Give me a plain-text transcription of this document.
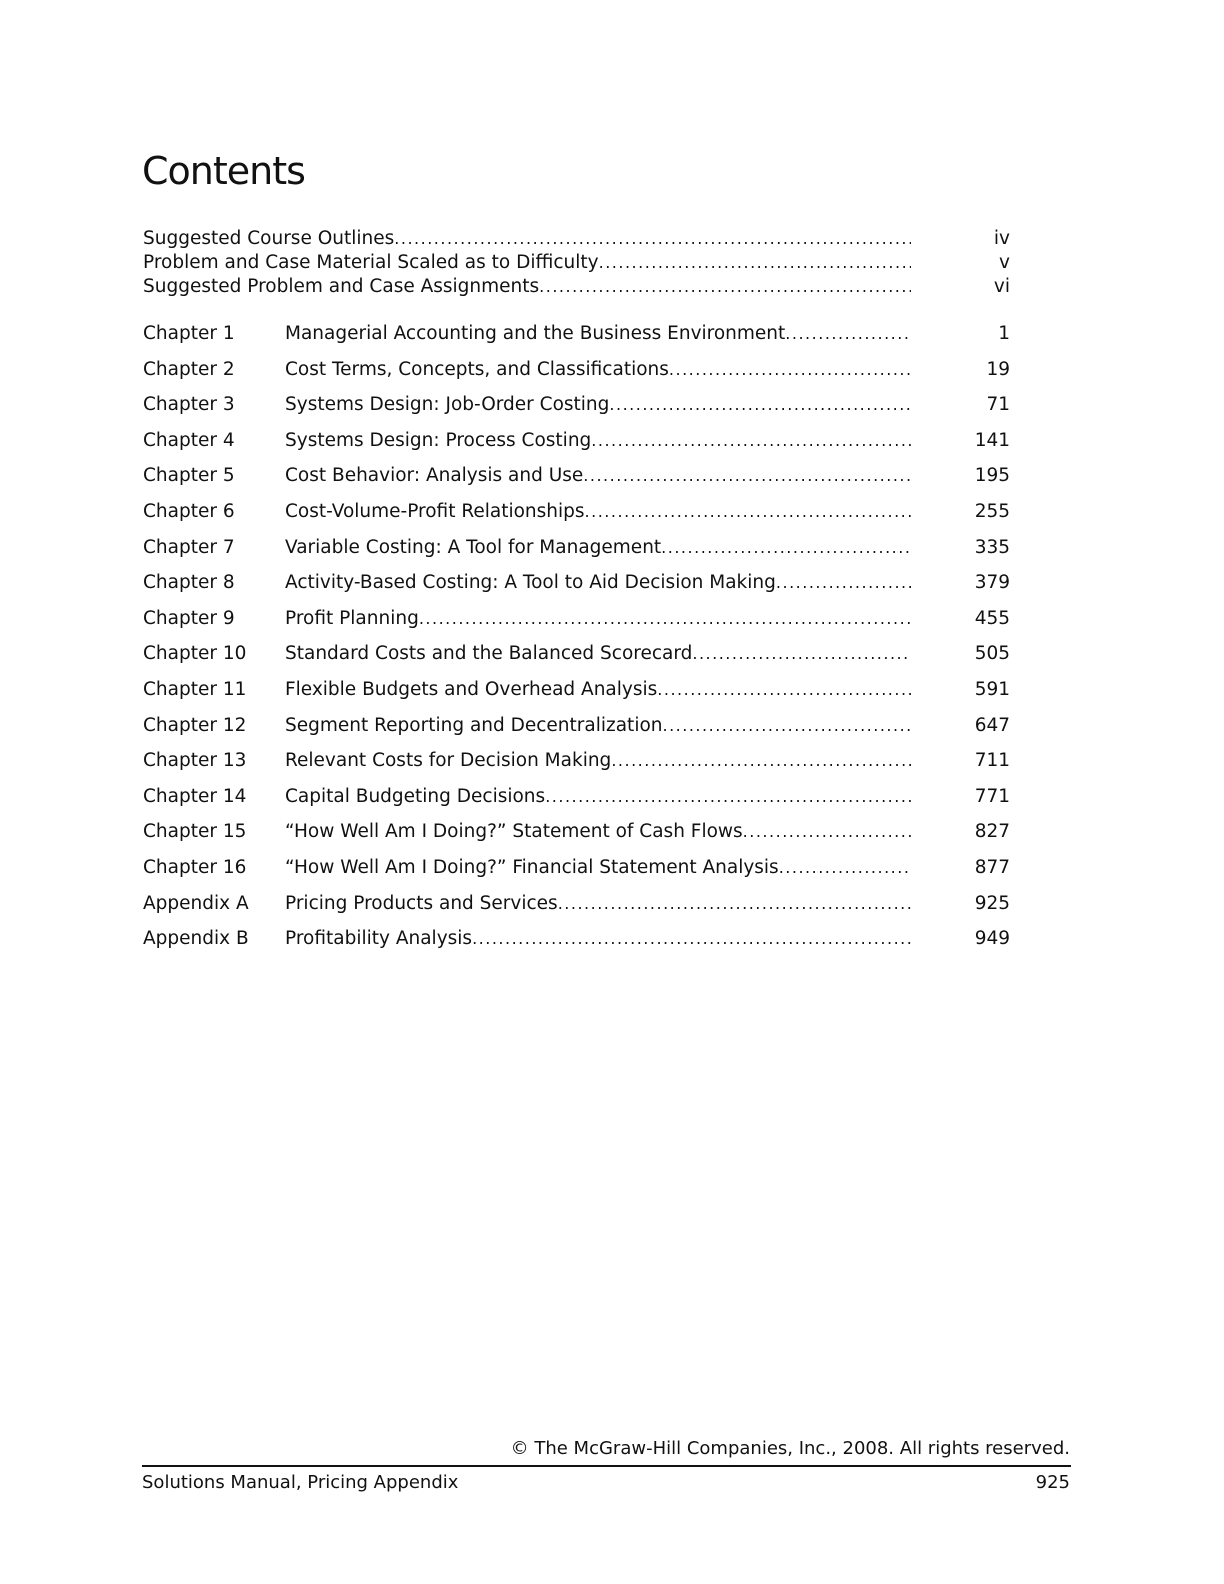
Contents
Suggested Course Outlines .....	iv
Problem and Case Material Scaled as to Difficulty .....	v
Suggested Problem and Case Assignments .....	vi
Chapter 1	Managerial Accounting and the Business Environment .....	1
Chapter 2	Cost Terms, Concepts, and Classifications .....	19
Chapter 3	Systems Design: Job-Order Costing .....	71
Chapter 4	Systems Design: Process Costing .....	141
Chapter 5	Cost Behavior: Analysis and Use .....	195
Chapter 6	Cost-Volume-Profit Relationships .....	255
Chapter 7	Variable Costing: A Tool for Management .....	335
Chapter 8	Activity-Based Costing: A Tool to Aid Decision Making .....	379
Chapter 9	Profit Planning .....	455
Chapter 10 Standard Costs and the Balanced Scorecard .....	505
Chapter 11 Flexible Budgets and Overhead Analysis .....	591
Chapter 12 Segment Reporting and Decentralization .....	647
Chapter 13 Relevant Costs for Decision Making .....	711
Chapter 14 Capital Budgeting Decisions .....	771
Chapter 15 “How Well Am I Doing?” Statement of Cash Flows .....	827
Chapter 16 “How Well Am I Doing?” Financial Statement Analysis .....	877
Appendix A Pricing Products and Services .....	925
Appendix B Profitability Analysis .....	949
© The McGraw-Hill Companies, Inc., 2008. All rights reserved.
Solutions Manual, Pricing Appendix	925
